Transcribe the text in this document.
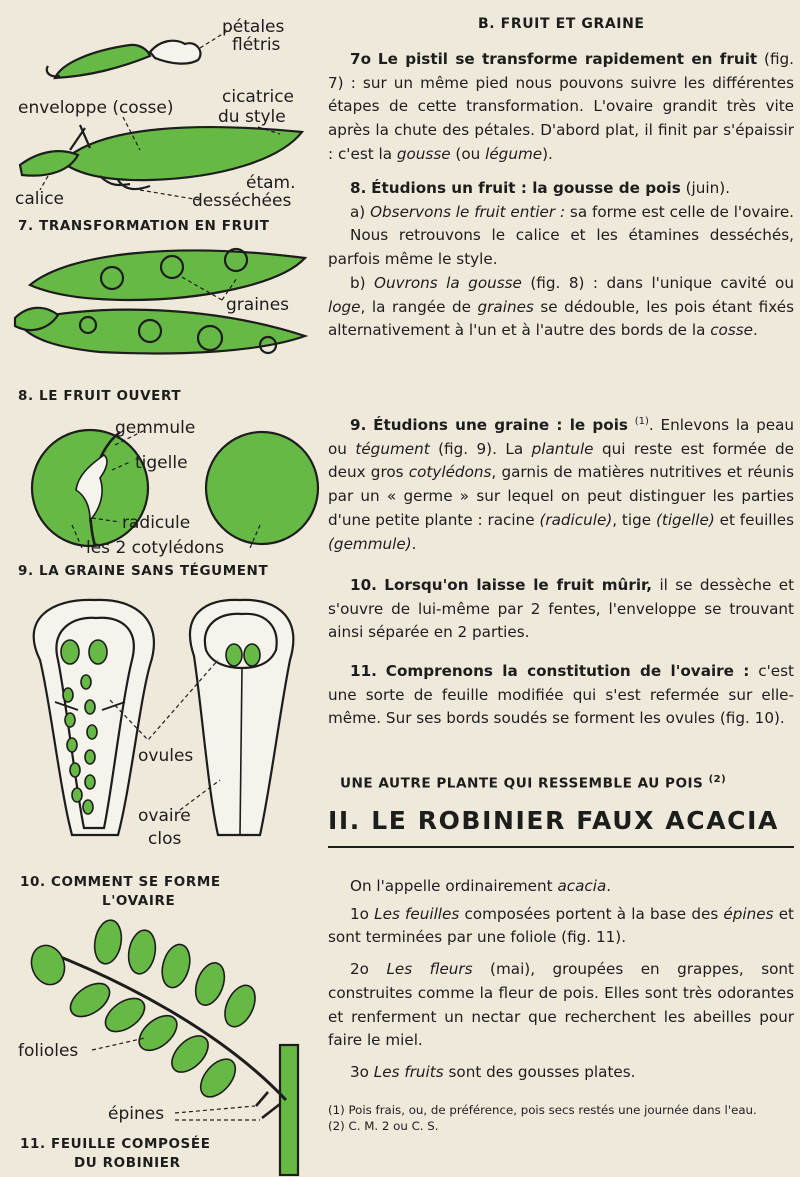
pétales
flétris
enveloppe (cosse)
cicatrice
du style
calice
étam.
desséchées
7. TRANSFORMATION EN FRUIT
graines
8. LE FRUIT OUVERT
gemmule
tigelle
radicule
les 2 cotylédons
9. LA GRAINE SANS TÉGUMENT
ovules
ovaire
clos
10. COMMENT SE FORME
L'OVAIRE
folioles
épines
11. FEUILLE COMPOSÉE
DU ROBINIER
B. FRUIT ET GRAINE

7o Le pistil se transforme rapidement en fruit (fig. 7) : sur un même pied nous pouvons suivre les différentes étapes de cette transformation. L'ovaire grandit très vite après la chute des pétales. D'abord plat, il finit par s'épaissir : c'est la gousse (ou légume).

8. Étudions un fruit : la gousse de pois (juin).

a) Observons le fruit entier : sa forme est celle de l'ovaire.

Nous retrouvons le calice et les étamines desséchés, parfois même le style.

b) Ouvrons la gousse (fig. 8) : dans l'unique cavité ou loge, la rangée de graines se dédouble, les pois étant fixés alternativement à l'un et à l'autre des bords de la cosse.

9. Étudions une graine : le pois $^{(1)}$. Enlevons la peau ou tégument (fig. 9). La plantule qui reste est formée de deux gros cotylédons, garnis de matières nutritives et réunis par un « germe » sur lequel on peut distinguer les parties d'une petite plante : racine (radicule), tige (tigelle) et feuilles (gemmule).

10. Lorsqu'on laisse le fruit mûrir, il se dessèche et s'ouvre de lui-même par 2 fentes, l'enveloppe se trouvant ainsi séparée en 2 parties.

11. Comprenons la constitution de l'ovaire : c'est une sorte de feuille modifiée qui s'est refermée sur elle-même. Sur ses bords soudés se forment les ovules (fig. 10).

UNE AUTRE PLANTE QUI RESSEMBLE AU POIS $^{(2)}$
II. LE ROBINIER FAUX ACACIA

On l'appelle ordinairement acacia.

1o Les feuilles composées portent à la base des épines et sont terminées par une foliole (fig. 11).

2o Les fleurs (mai), groupées en grappes, sont construites comme la fleur de pois. Elles sont très odorantes et renferment un nectar que recherchent les abeilles pour faire le miel.

3o Les fruits sont des gousses plates.

(1) Pois frais, ou, de préférence, pois secs restés une journée dans l'eau.

(2) C. M. 2 ou C. S.
